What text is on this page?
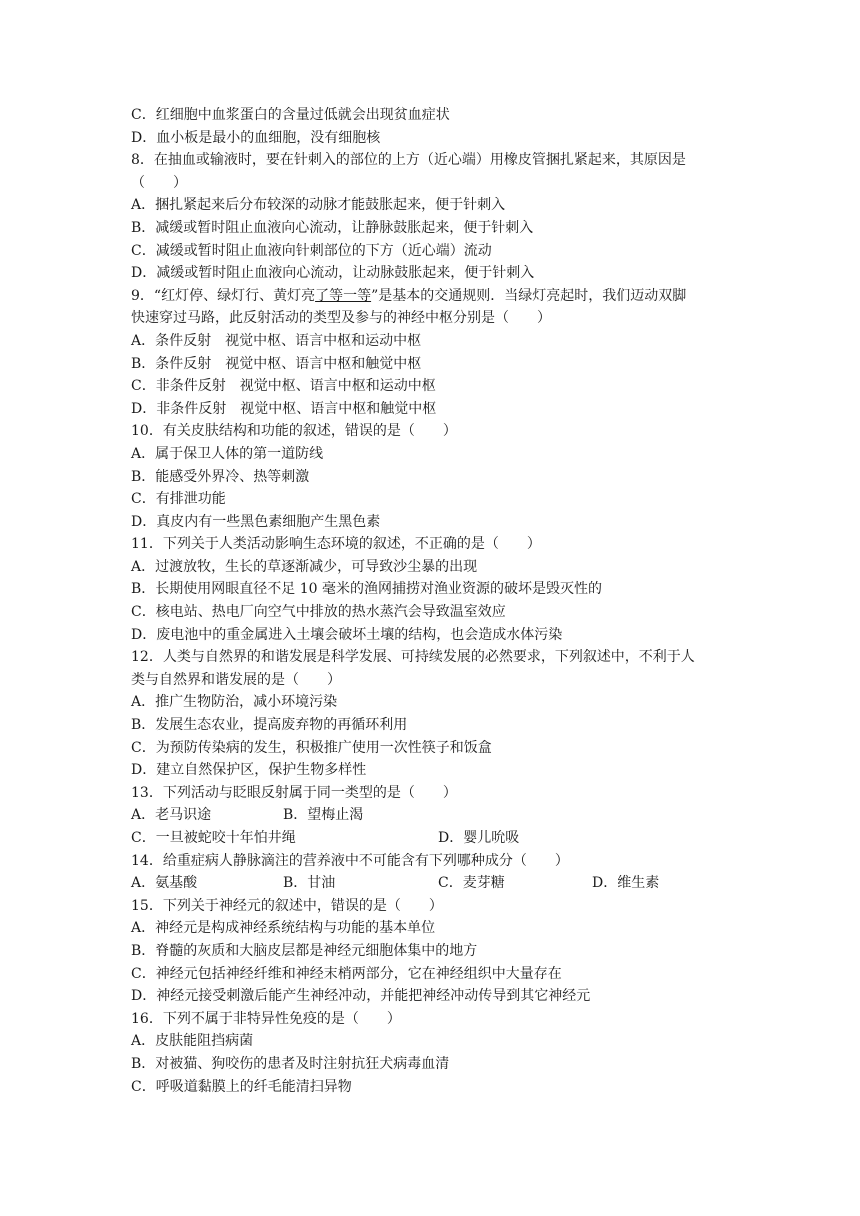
C．红细胞中血浆蛋白的含量过低就会出现贫血症状
D．血小板是最小的血细胞，没有细胞核
8．在抽血或输液时，要在针刺入的部位的上方（近心端）用橡皮管捆扎紧起来，其原因是
（　　）
A．捆扎紧起来后分布较深的动脉才能鼓胀起来，便于针刺入
B．减缓或暂时阻止血液向心流动，让静脉鼓胀起来，便于针刺入
C．减缓或暂时阻止血液向针刺部位的下方（近心端）流动
D．减缓或暂时阻止血液向心流动，让动脉鼓胀起来，便于针刺入
9．“红灯停、绿灯行、黄灯亮了等一等”是基本的交通规则．当绿灯亮起时，我们迈动双脚
快速穿过马路，此反射活动的类型及参与的神经中枢分别是（　　）
A．条件反射　视觉中枢、语言中枢和运动中枢
B．条件反射　视觉中枢、语言中枢和触觉中枢
C．非条件反射　视觉中枢、语言中枢和运动中枢
D．非条件反射　视觉中枢、语言中枢和触觉中枢
10．有关皮肤结构和功能的叙述，错误的是（　　）
A．属于保卫人体的第一道防线
B．能感受外界冷、热等刺激
C．有排泄功能
D．真皮内有一些黑色素细胞产生黑色素
11．下列关于人类活动影响生态环境的叙述，不正确的是（　　）
A．过渡放牧，生长的草逐渐减少，可导致沙尘暴的出现
B．长期使用网眼直径不足 10 毫米的渔网捕捞对渔业资源的破坏是毁灭性的
C．核电站、热电厂向空气中排放的热水蒸汽会导致温室效应
D．废电池中的重金属进入土壤会破坏土壤的结构，也会造成水体污染
12．人类与自然界的和谐发展是科学发展、可持续发展的必然要求，下列叙述中，不利于人
类与自然界和谐发展的是（　　）
A．推广生物防治，减小环境污染
B．发展生态农业，提高废弃物的再循环利用
C．为预防传染病的发生，积极推广使用一次性筷子和饭盒
D．建立自然保护区，保护生物多样性
13．下列活动与眨眼反射属于同一类型的是（　　）
A．老马识途	B．望梅止渴
C．一旦被蛇咬十年怕井绳	D．婴儿吮吸
14．给重症病人静脉滴注的营养液中不可能含有下列哪种成分（　　）
A．氨基酸	B．甘油	C．麦芽糖	D．维生素
15．下列关于神经元的叙述中，错误的是（　　）
A．神经元是构成神经系统结构与功能的基本单位
B．脊髓的灰质和大脑皮层都是神经元细胞体集中的地方
C．神经元包括神经纤维和神经末梢两部分，它在神经组织中大量存在
D．神经元接受刺激后能产生神经冲动，并能把神经冲动传导到其它神经元
16．下列不属于非特异性免疫的是（　　）
A．皮肤能阻挡病菌
B．对被猫、狗咬伤的患者及时注射抗狂犬病毒血清
C．呼吸道黏膜上的纤毛能清扫异物
